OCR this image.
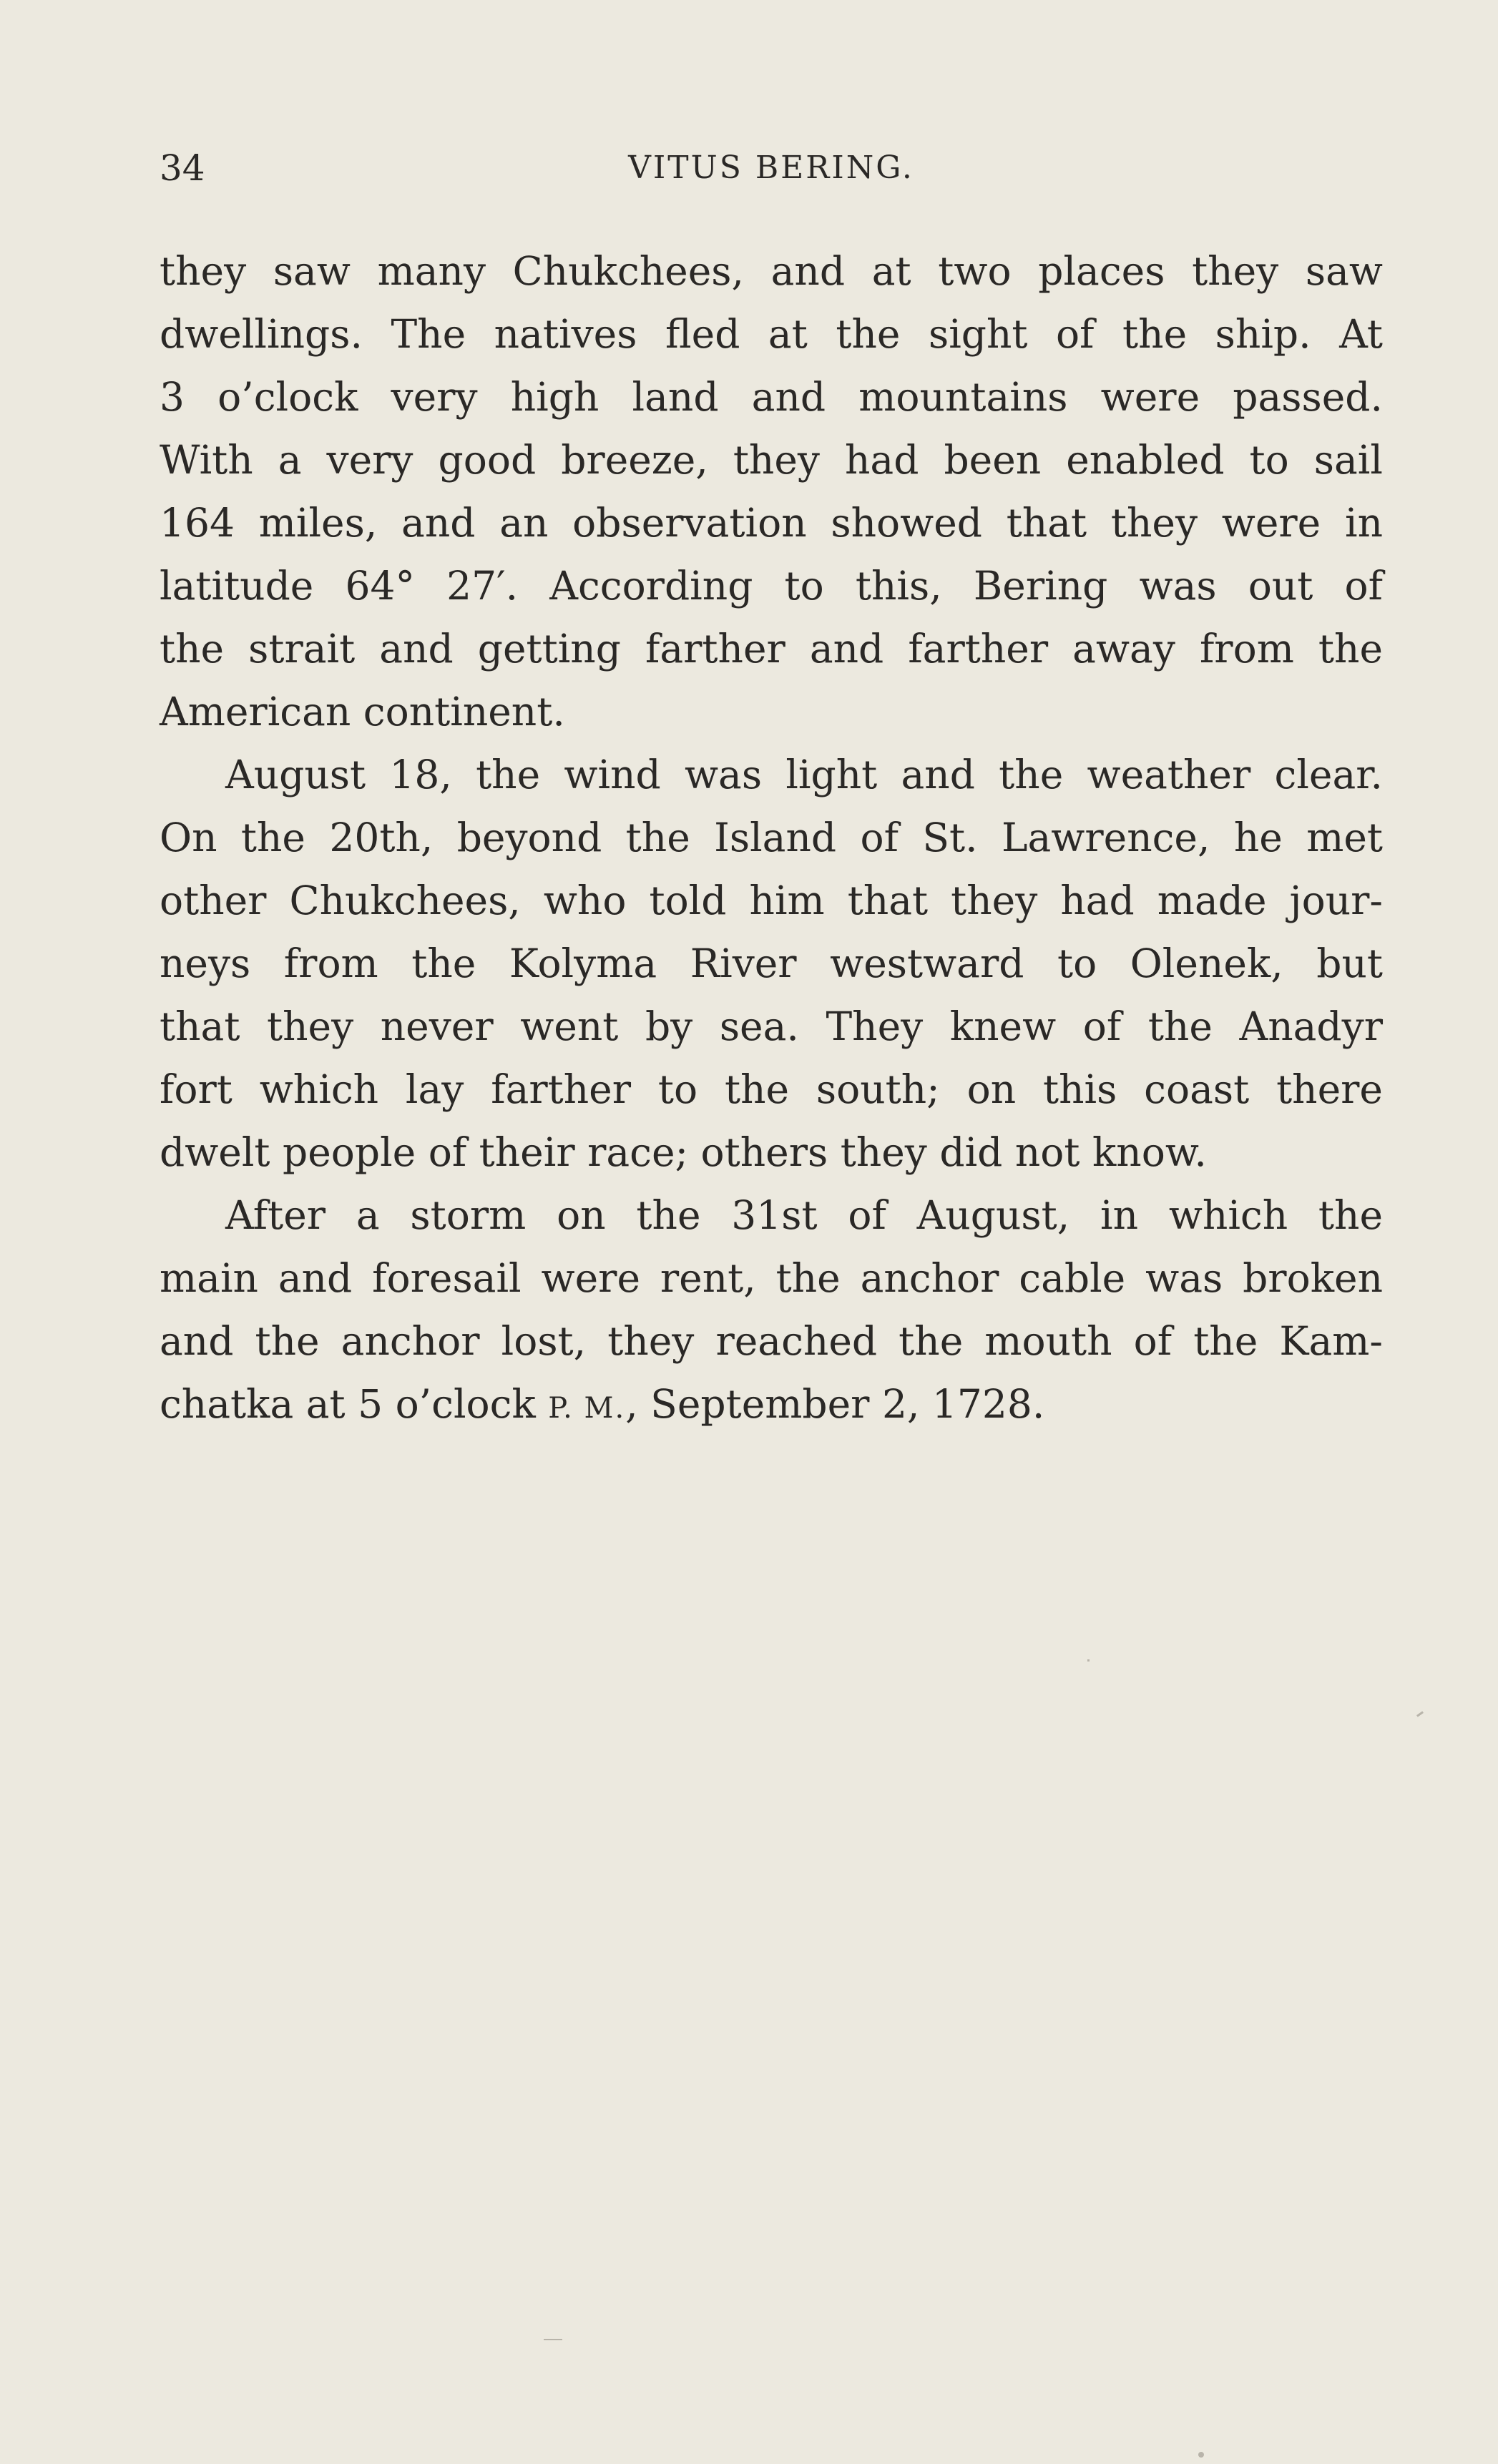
34	VITUS BERING.
they saw many Chukchees, and at two places they saw
dwellings. The natives fled at the sight of the ship. At
3 o’clock very high land and mountains were passed.
With a very good breeze, they had been enabled to sail
164 miles, and an observation showed that they were in
latitude 64° 27′. According to this, Bering was out of
the strait and getting farther and farther away from the
American continent.
August 18, the wind was light and the weather clear.
On the 20th, beyond the Island of St. Lawrence, he met
other Chukchees, who told him that they had made jour-
neys from the Kolyma River westward to Olenek, but
that they never went by sea. They knew of the Anadyr
fort which lay farther to the south; on this coast there
dwelt people of their race; others they did not know.
After a storm on the 31st of August, in which the
main and foresail were rent, the anchor cable was broken
and the anchor lost, they reached the mouth of the Kam-
chatka at 5 o’clock P. M., September 2, 1728.
